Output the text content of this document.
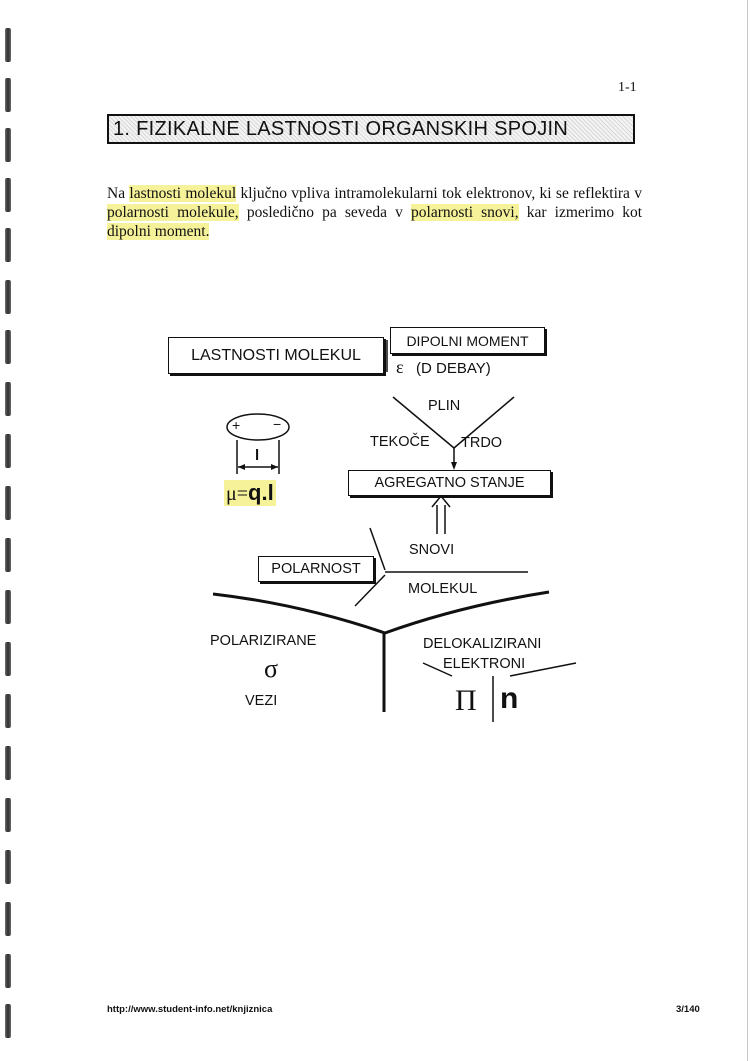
1-1
1. FIZIKALNE LASTNOSTI ORGANSKIH SPOJIN
Na lastnosti molekul ključno vpliva intramolekularni tok elektronov, ki se reflektira v polarnosti molekule, posledično pa seveda v polarnosti snovi, kar izmerimo kot dipolni moment.
LASTNOSTI MOLEKUL
DIPOLNI MOMENT
ε (D DEBAY)
+ −
l
μ=q.l
PLIN
TEKOČE TRDO
AGREGATNO STANJE
SNOVI
POLARNOST
MOLEKUL
POLARIZIRANE
σ
VEZI
DELOKALIZIRANI
ELEKTRONI
Π n
http://www.student-info.net/knjiznica	3/140
